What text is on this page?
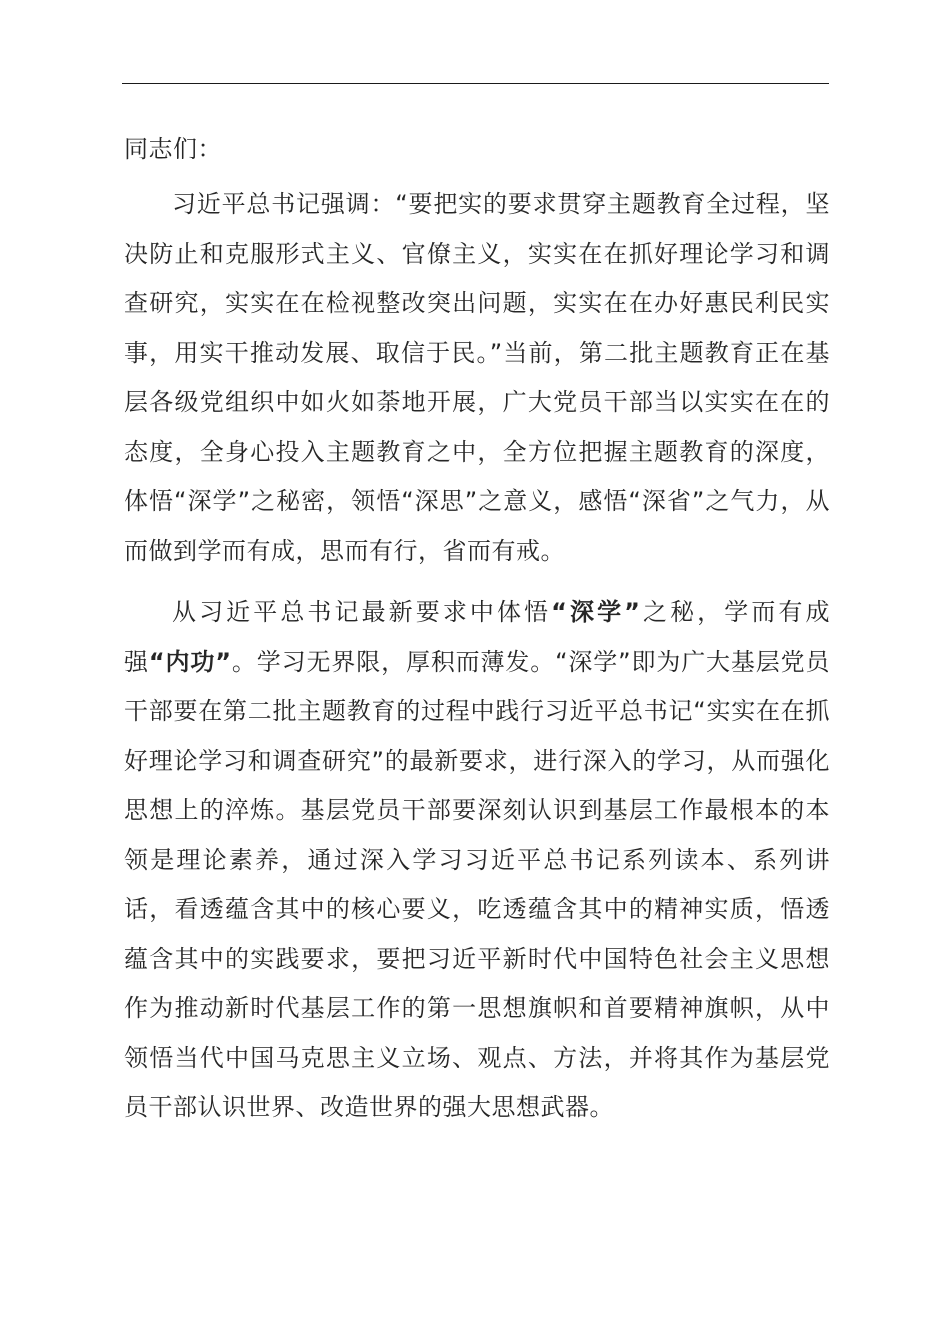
同志们：

习近平总书记强调：“要把实的要求贯穿主题教育全过程，坚决防止和克服形式主义、官僚主义，实实在在抓好理论学习和调查研究，实实在在检视整改突出问题，实实在在办好惠民利民实事，用实干推动发展、取信于民。”当前，第二批主题教育正在基层各级党组织中如火如荼地开展，广大党员干部当以实实在在的态度，全身心投入主题教育之中，全方位把握主题教育的深度，体悟“深学”之秘密，领悟“深思”之意义，感悟“深省”之气力，从而做到学而有成，思而有行，省而有戒。

从习近平总书记最新要求中体悟“深学”之秘，学而有成强“内功”。学习无界限，厚积而薄发。“深学”即为广大基层党员干部要在第二批主题教育的过程中践行习近平总书记“实实在在抓好理论学习和调查研究”的最新要求，进行深入的学习，从而强化思想上的淬炼。基层党员干部要深刻认识到基层工作最根本的本领是理论素养，通过深入学习习近平总书记系列读本、系列讲话，看透蕴含其中的核心要义，吃透蕴含其中的精神实质，悟透蕴含其中的实践要求，要把习近平新时代中国特色社会主义思想作为推动新时代基层工作的第一思想旗帜和首要精神旗帜，从中领悟当代中国马克思主义立场、观点、方法，并将其作为基层党员干部认识世界、改造世界的强大思想武器。
